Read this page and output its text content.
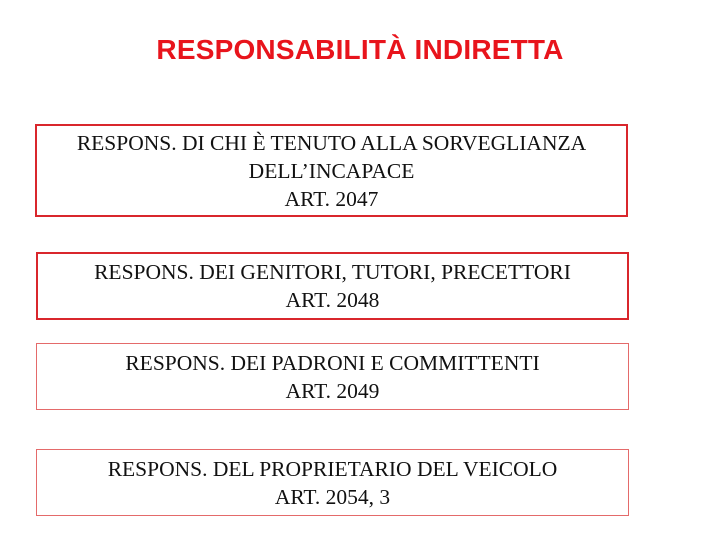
RESPONSABILITÀ INDIRETTA
RESPONS. DI CHI È TENUTO ALLA SORVEGLIANZA
DELL’INCAPACE
ART. 2047
RESPONS. DEI GENITORI, TUTORI, PRECETTORI
ART. 2048
RESPONS. DEI PADRONI E COMMITTENTI
ART. 2049
RESPONS. DEL PROPRIETARIO DEL VEICOLO
ART. 2054, 3
